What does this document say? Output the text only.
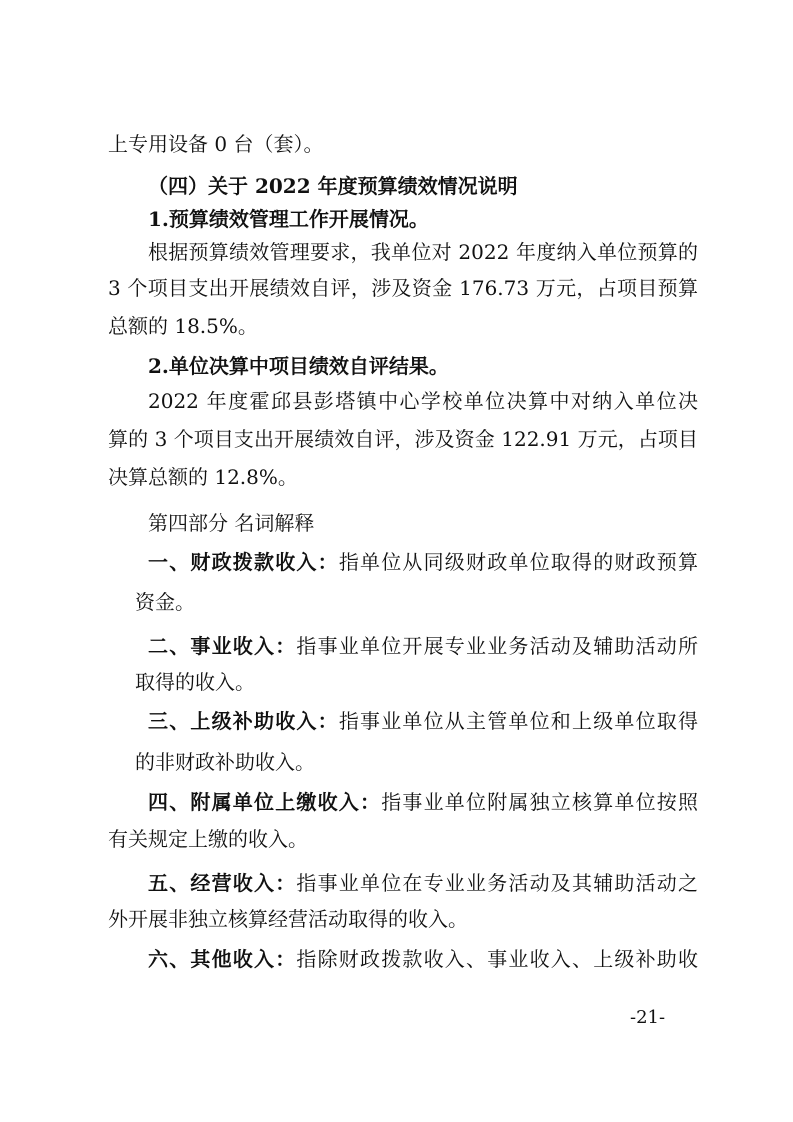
上专用设备 0 台（套）。
（四）关于 2022 年度预算绩效情况说明
1.预算绩效管理工作开展情况。
根据预算绩效管理要求，我单位对 2022 年度纳入单位预算的
3 个项目支出开展绩效自评，涉及资金 176.73 万元，占项目预算
总额的 18.5%。
2.单位决算中项目绩效自评结果。
2022 年度霍邱县彭塔镇中心学校单位决算中对纳入单位决
算的 3 个项目支出开展绩效自评，涉及资金 122.91 万元，占项目
决算总额的 12.8%。
第四部分 名词解释
一、财政拨款收入：指单位从同级财政单位取得的财政预算
资金。
二、事业收入：指事业单位开展专业业务活动及辅助活动所
取得的收入。
三、上级补助收入：指事业单位从主管单位和上级单位取得
的非财政补助收入。
四、附属单位上缴收入：指事业单位附属独立核算单位按照
有关规定上缴的收入。
五、经营收入：指事业单位在专业业务活动及其辅助活动之
外开展非独立核算经营活动取得的收入。
六、其他收入：指除财政拨款收入、事业收入、上级补助收
-21-
